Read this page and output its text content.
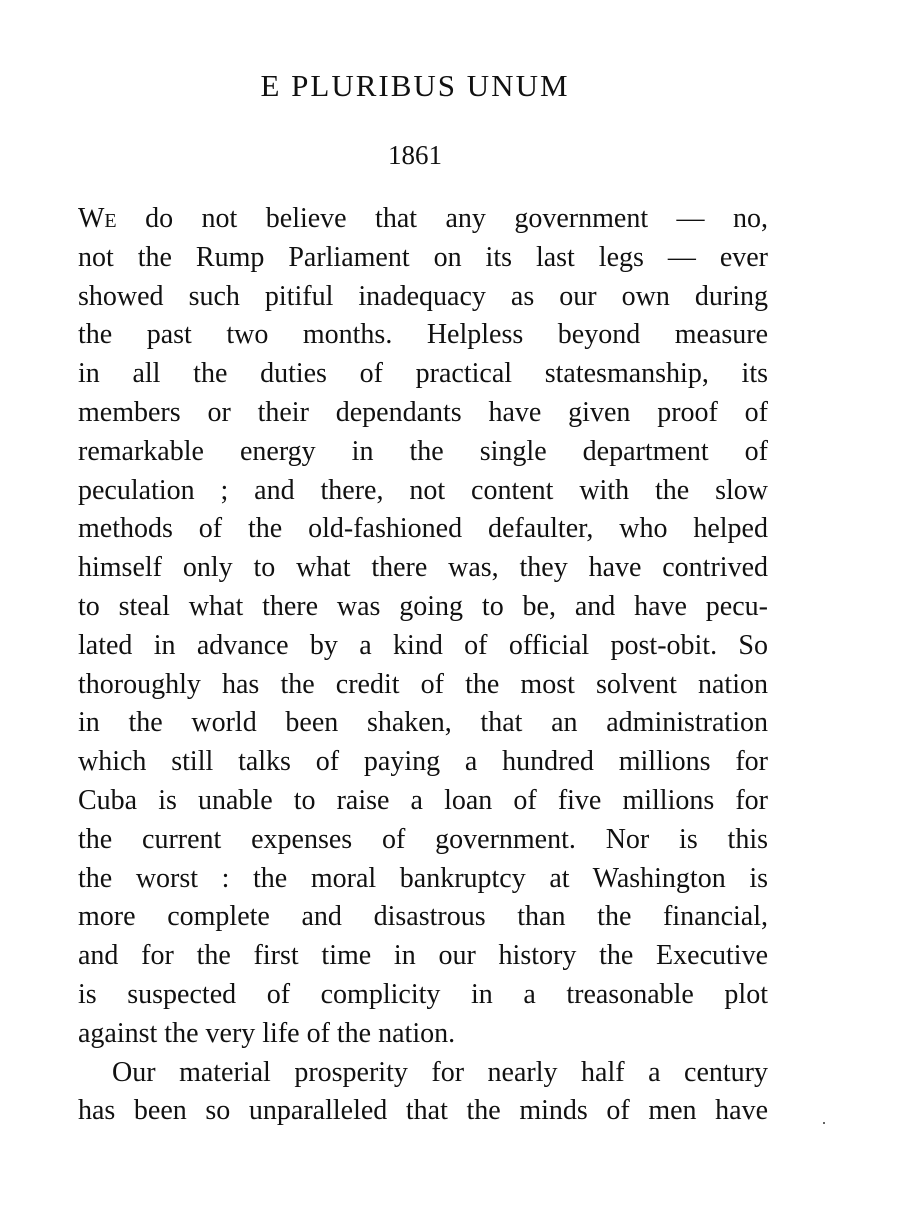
E PLURIBUS UNUM
1861
We do not believe that any government — no,
not the Rump Parliament on its last legs — ever
showed such pitiful inadequacy as our own during
the past two months. Helpless beyond measure
in all the duties of practical statesmanship, its
members or their dependants have given proof of
remarkable energy in the single department of
peculation ; and there, not content with the slow
methods of the old-fashioned defaulter, who helped
himself only to what there was, they have contrived
to steal what there was going to be, and have pecu-
lated in advance by a kind of official post-obit. So
thoroughly has the credit of the most solvent nation
in the world been shaken, that an administration
which still talks of paying a hundred millions for
Cuba is unable to raise a loan of five millions for
the current expenses of government. Nor is this
the worst : the moral bankruptcy at Washington is
more complete and disastrous than the financial,
and for the first time in our history the Executive
is suspected of complicity in a treasonable plot
against the very life of the nation.
Our material prosperity for nearly half a century
has been so unparalleled that the minds of men have
